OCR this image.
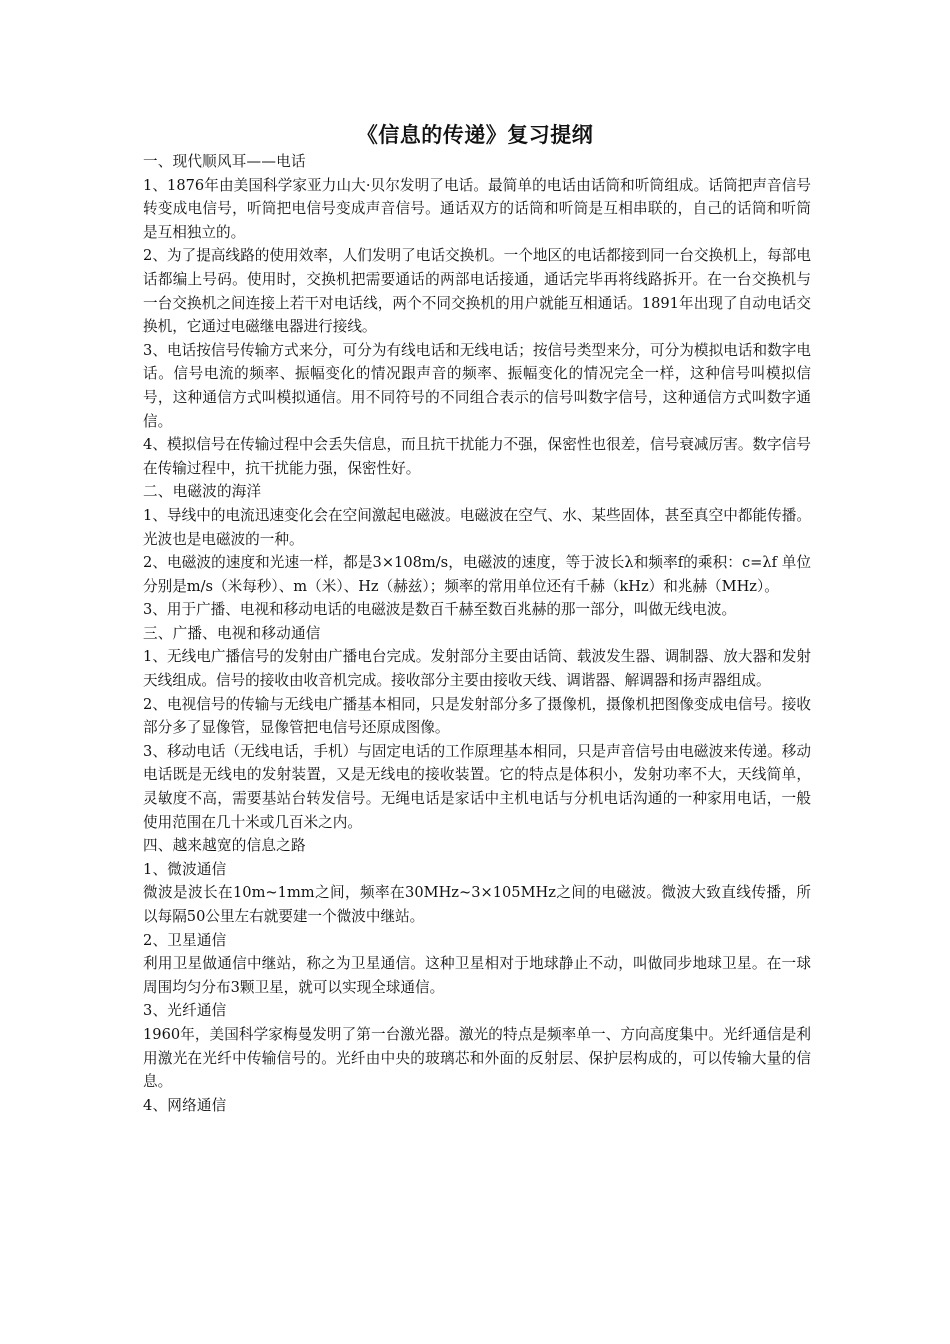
《信息的传递》复习提纲

一、现代顺风耳——电话

1、1876年由美国科学家亚力山大·贝尔发明了电话。最简单的电话由话筒和听筒组成。话筒把声音信号转变成电信号，听筒把电信号变成声音信号。通话双方的话筒和听筒是互相串联的，自己的话筒和听筒是互相独立的。

2、为了提高线路的使用效率，人们发明了电话交换机。一个地区的电话都接到同一台交换机上，每部电话都编上号码。使用时，交换机把需要通话的两部电话接通，通话完毕再将线路拆开。在一台交换机与一台交换机之间连接上若干对电话线，两个不同交换机的用户就能互相通话。1891年出现了自动电话交换机，它通过电磁继电器进行接线。

3、电话按信号传输方式来分，可分为有线电话和无线电话；按信号类型来分，可分为模拟电话和数字电话。信号电流的频率、振幅变化的情况跟声音的频率、振幅变化的情况完全一样，这种信号叫模拟信号，这种通信方式叫模拟通信。用不同符号的不同组合表示的信号叫数字信号，这种通信方式叫数字通信。

4、模拟信号在传输过程中会丢失信息，而且抗干扰能力不强，保密性也很差，信号衰减厉害。数字信号在传输过程中，抗干扰能力强，保密性好。

二、电磁波的海洋

1、导线中的电流迅速变化会在空间激起电磁波。电磁波在空气、水、某些固体，甚至真空中都能传播。光波也是电磁波的一种。

2、电磁波的速度和光速一样，都是3×108m/s，电磁波的速度，等于波长λ和频率f的乘积：c=λf 单位分别是m/s（米每秒）、m（米）、Hz（赫兹）；频率的常用单位还有千赫（kHz）和兆赫（MHz）。

3、用于广播、电视和移动电话的电磁波是数百千赫至数百兆赫的那一部分，叫做无线电波。

三、广播、电视和移动通信

1、无线电广播信号的发射由广播电台完成。发射部分主要由话筒、载波发生器、调制器、放大器和发射天线组成。信号的接收由收音机完成。接收部分主要由接收天线、调谐器、解调器和扬声器组成。

2、电视信号的传输与无线电广播基本相同，只是发射部分多了摄像机，摄像机把图像变成电信号。接收部分多了显像管，显像管把电信号还原成图像。

3、移动电话（无线电话，手机）与固定电话的工作原理基本相同，只是声音信号由电磁波来传递。移动电话既是无线电的发射装置，又是无线电的接收装置。它的特点是体积小，发射功率不大，天线简单，灵敏度不高，需要基站台转发信号。无绳电话是家话中主机电话与分机电话沟通的一种家用电话，一般使用范围在几十米或几百米之内。

四、越来越宽的信息之路

1、微波通信

微波是波长在10m~1mm之间，频率在30MHz~3×105MHz之间的电磁波。微波大致直线传播，所以每隔50公里左右就要建一个微波中继站。

2、卫星通信

利用卫星做通信中继站，称之为卫星通信。这种卫星相对于地球静止不动，叫做同步地球卫星。在一球周围均匀分布3颗卫星，就可以实现全球通信。

3、光纤通信

1960年，美国科学家梅曼发明了第一台激光器。激光的特点是频率单一、方向高度集中。光纤通信是利用激光在光纤中传输信号的。光纤由中央的玻璃芯和外面的反射层、保护层构成的，可以传输大量的信息。

4、网络通信
